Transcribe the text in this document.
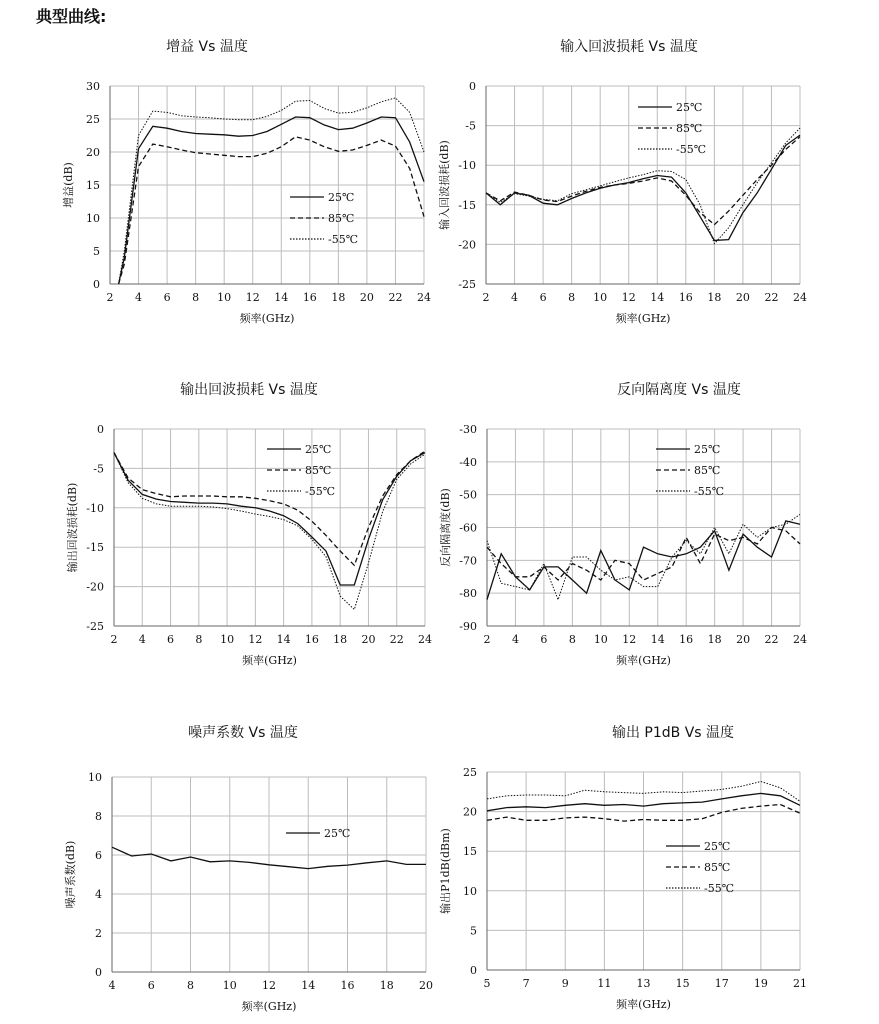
典型曲线:
增益 Vs 温度	输入回波损耗 Vs 温度
输出回波损耗 Vs 温度	反向隔离度 Vs 温度
噪声系数 Vs 温度	输出 P1dB Vs 温度
2 4 6 8 10 12 14 16 18 20 22 24
0
5
10
15
20
25
30
频率(GHz)
增益(dB)	25℃
85℃
-55℃
2 4 6 8 10 12 14 16 18 20 22 24
-25
-20
-15
-10
-5
0
频率(GHz)
输入回波损耗(dB)
25℃
85℃
-55℃
2 4 6 8 10 12 14 16 18 20 22 24
-25
-20
-15
-10
-5
0
频率(GHz)
输出回波损耗(dB)
25℃
85℃
-55℃
2 4 6 8 10 12 14 16 18 20 22 24
-90
-80
-70
-60
-50
-40
-30
频率(GHz)
反向隔离度(dB)
25℃
85℃
-55℃
4	6	8	10 12 14 16 18 20
0
2
4
6
8
10
频率(GHz)
噪声系数(dB)
25℃
5	7	9	11 13 15 17 19 21
0
5
10
15
20
25
频率(GHz)
输出P1dB(dBm)	25℃
85℃
-55℃
